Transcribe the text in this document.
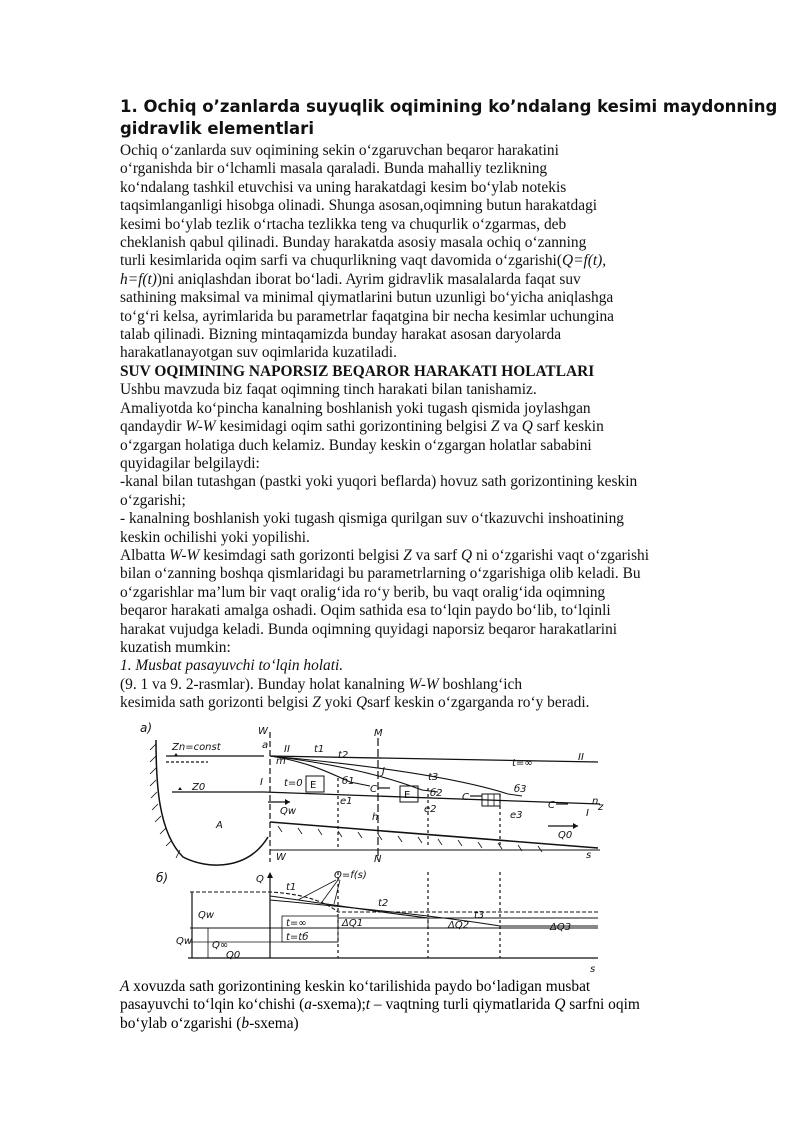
1. Ochiq o’zanlarda suyuqlik oqimining ko’ndalang kesimi maydonning
gidravlik elementlari
Ochiq o‘zanlarda suv oqimining sekin o‘zgaruvchan beqaror harakatini
o‘rganishda bir o‘lchamli masala qaraladi. Bunda mahalliy tezlikning
ko‘ndalang tashkil etuvchisi va uning harakatdagi kesim bo‘ylab notekis
taqsimlanganligi hisobga olinadi. Shunga asosan,oqimning butun harakatdagi
kesimi bo‘ylab tezlik o‘rtacha tezlikka teng va chuqurlik o‘zgarmas, deb
cheklanish qabul qilinadi. Bunday harakatda asosiy masala ochiq o‘zanning
turli kesimlarida oqim sarfi va chuqurlikning vaqt davomida o‘zgarishi(Q=f(t),
h=f(t))ni aniqlashdan iborat bo‘ladi. Ayrim gidravlik masalalarda faqat suv
sathining maksimal va minimal qiymatlarini butun uzunligi bo‘yicha aniqlashga
to‘g‘ri kelsa, ayrimlarida bu parametrlar faqatgina bir necha kesimlar uchungina
talab qilinadi. Bizning mintaqamizda bunday harakat asosan daryolarda
harakatlanayotgan suv oqimlarida kuzatiladi.
SUV OQIMINING NAPORSIZ BEQAROR HARAKATI HOLATLARI
Ushbu mavzuda biz faqat oqimning tinch harakati bilan tanishamiz.
Amaliyotda ko‘pincha kanalning boshlanish yoki tugash qismida joylashgan
qandaydir W-W kesimidagi oqim sathi gorizontining belgisi Z va Q sarf keskin
o‘zgargan holatiga duch kelamiz. Bunday keskin o‘zgargan holatlar sababini
quyidagilar belgilaydi:
-kanal bilan tutashgan (pastki yoki yuqori beflarda) hovuz sath gorizontining keskin
o‘zgarishi;
- kanalning boshlanish yoki tugash qismiga qurilgan suv o‘tkazuvchi inshoatining
keskin ochilishi yoki yopilishi.
Albatta W-W kesimdagi sath gorizonti belgisi Z va sarf Q ni o‘zgarishi vaqt o‘zgarishi
bilan o‘zanning boshqa qismlaridagi bu parametrlarning o‘zgarishiga olib keladi. Bu
o‘zgarishlar ma’lum bir vaqt oralig‘ida ro‘y berib, bu vaqt oralig‘ida oqimning
beqaror harakati amalga oshadi. Oqim sathida esa to‘lqin paydo bo‘lib, to‘lqinli
harakat vujudga keladi. Bunda oqimning quyidagi naporsiz beqaror harakatlarini
kuzatish mumkin:
1. Musbat pasayuvchi to‘lqin holati.
(9. 1 va 9. 2-rasmlar). Bunday holat kanalning W-W boshlang‘ich
kesimida sath gorizonti belgisi Z yoki Qsarf keskin o‘zgarganda ro‘y beradi.
a)
Zn=const
Z0
A
W
W
a
m
s
I
I
II
II
t1
t2
t3
t=∞
t=0	б1
б2	б3
e1
e2
e3
E
E
C
C
C
M
N
J
h
Qw
Q0
n
z
б)
s
Q	Q=f(s)
t1
t2
t3
t=∞
t=tб
ΔQ1	ΔQ2	ΔQ3
Qw
Qw Q∞
Q0
A xovuzda sath gorizontining keskin ko‘tarilishida paydo bo‘ladigan musbat
pasayuvchi to‘lqin ko‘chishi (a-sxema);t – vaqtning turli qiymatlarida Q sarfni oqim
bo‘ylab o‘zgarishi (b-sxema)
